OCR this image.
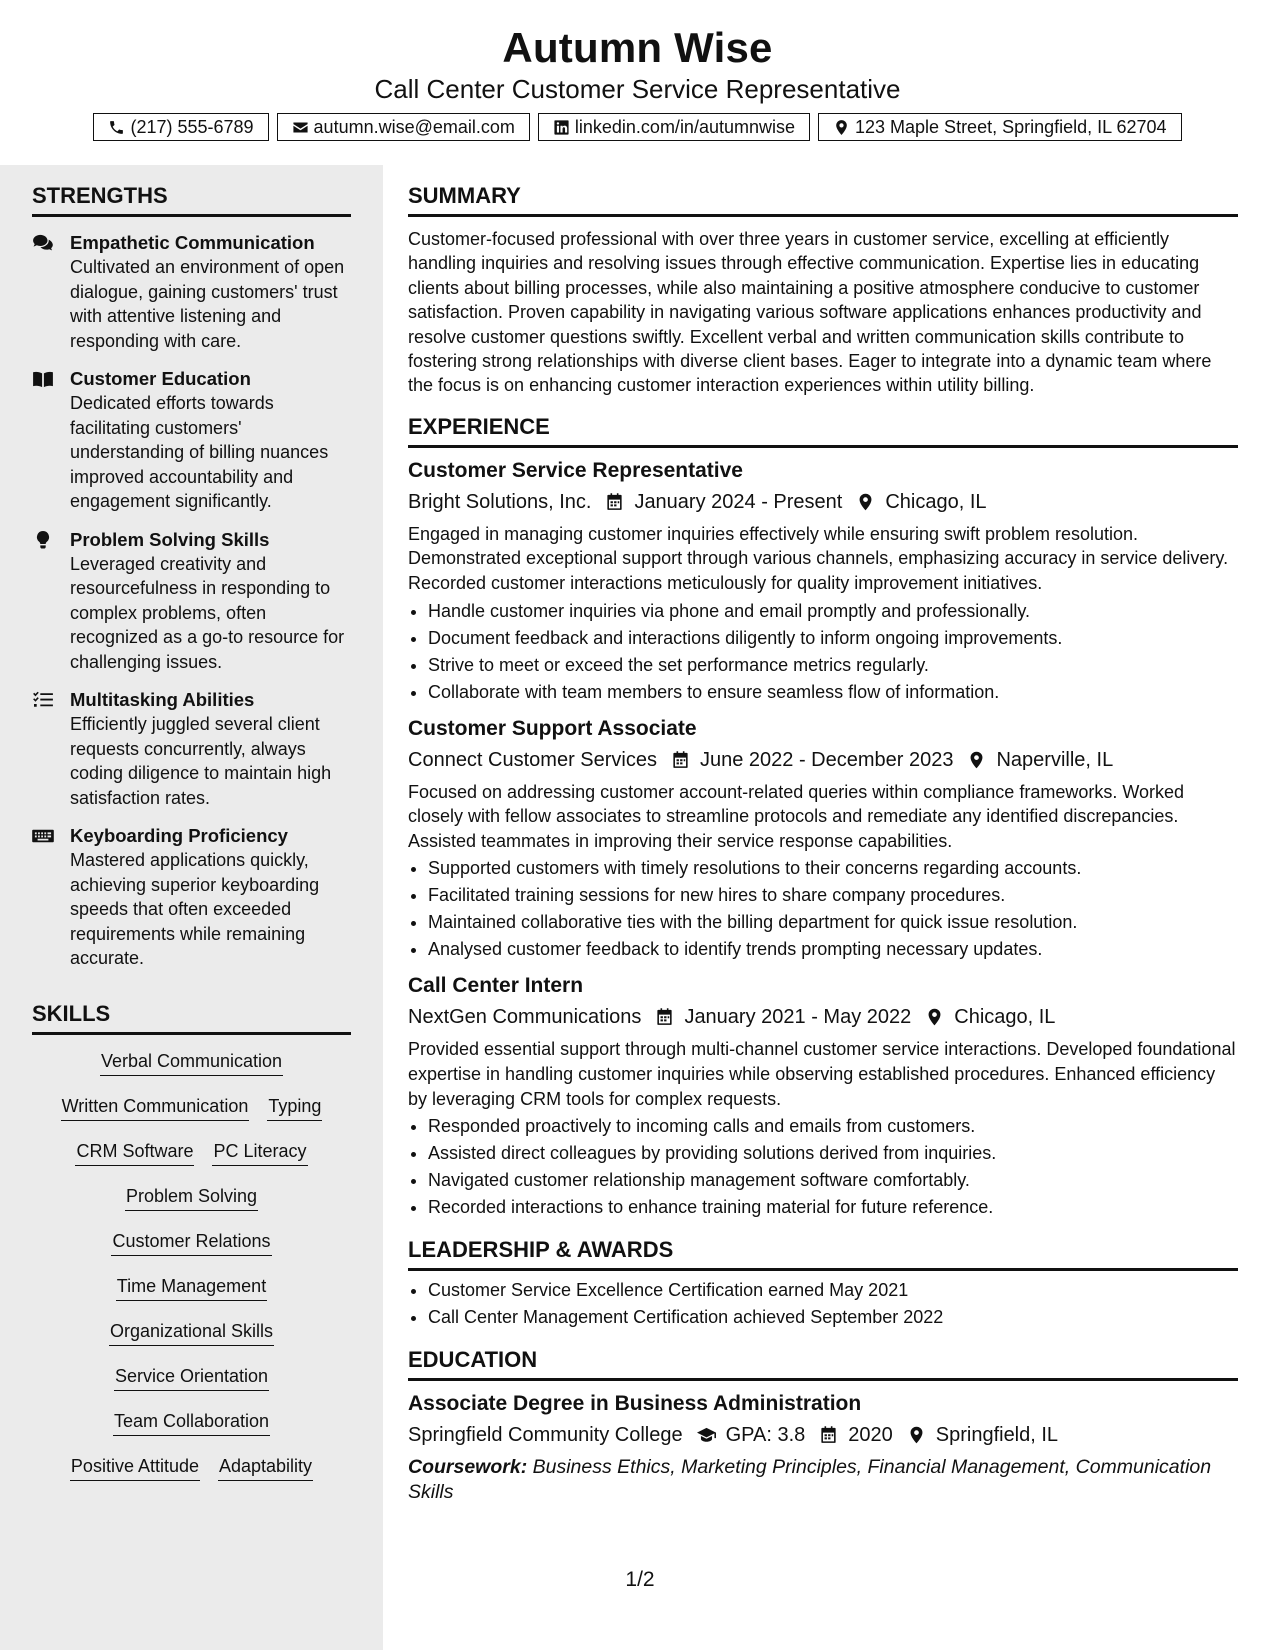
Autumn Wise
Call Center Customer Service Representative
(217) 555-6789	autumn.wise@email.com	linkedin.com/in/autumnwise	123 Maple Street, Springfield, IL 62704
STRENGTHS
Empathetic Communication
Cultivated an environment of open dialogue, gaining customers' trust with attentive listening and responding with care.
Customer Education
Dedicated efforts towards facilitating customers' understanding of billing nuances improved accountability and engagement significantly.
Problem Solving Skills
Leveraged creativity and resourcefulness in responding to complex problems, often recognized as a go-to resource for challenging issues.
Multitasking Abilities
Efficiently juggled several client requests concurrently, always coding diligence to maintain high satisfaction rates.
Keyboarding Proficiency
Mastered applications quickly, achieving superior keyboarding speeds that often exceeded requirements while remaining accurate.
SKILLS
Verbal Communication
Written Communication Typing
CRM Software PC Literacy
Problem Solving
Customer Relations
Time Management
Organizational Skills
Service Orientation
Team Collaboration
Positive Attitude Adaptability
SUMMARY

Customer-focused professional with over three years in customer service, excelling at efficiently handling inquiries and resolving issues through effective communication. Expertise lies in educating clients about billing processes, while also maintaining a positive atmosphere conducive to customer satisfaction. Proven capability in navigating various software applications enhances productivity and resolve customer questions swiftly. Excellent verbal and written communication skills contribute to fostering strong relationships with diverse client bases. Eager to integrate into a dynamic team where the focus is on enhancing customer interaction experiences within utility billing.

EXPERIENCE
Customer Service Representative
Bright Solutions, Inc. January 2024 - Present Chicago, IL
Engaged in managing customer inquiries effectively while ensuring swift problem resolution. Demonstrated exceptional support through various channels, emphasizing accuracy in service delivery. Recorded customer interactions meticulously for quality improvement initiatives.
• Handle customer inquiries via phone and email promptly and professionally.
• Document feedback and interactions diligently to inform ongoing improvements.
• Strive to meet or exceed the set performance metrics regularly.
• Collaborate with team members to ensure seamless flow of information.
Customer Support Associate
Connect Customer Services June 2022 - December 2023 Naperville, IL
Focused on addressing customer account-related queries within compliance frameworks. Worked closely with fellow associates to streamline protocols and remediate any identified discrepancies. Assisted teammates in improving their service response capabilities.
• Supported customers with timely resolutions to their concerns regarding accounts.
• Facilitated training sessions for new hires to share company procedures.
• Maintained collaborative ties with the billing department for quick issue resolution.
• Analysed customer feedback to identify trends prompting necessary updates.
Call Center Intern
NextGen Communications January 2021 - May 2022 Chicago, IL
Provided essential support through multi-channel customer service interactions. Developed foundational expertise in handling customer inquiries while observing established procedures. Enhanced efficiency by leveraging CRM tools for complex requests.
• Responded proactively to incoming calls and emails from customers.
• Assisted direct colleagues by providing solutions derived from inquiries.
• Navigated customer relationship management software comfortably.
• Recorded interactions to enhance training material for future reference.
LEADERSHIP & AWARDS
• Customer Service Excellence Certification earned May 2021
• Call Center Management Certification achieved September 2022
EDUCATION
Associate Degree in Business Administration
Springfield Community College GPA: 3.8 2020 Springfield, IL
Coursework: Business Ethics, Marketing Principles, Financial Management, Communication Skills
1/2
